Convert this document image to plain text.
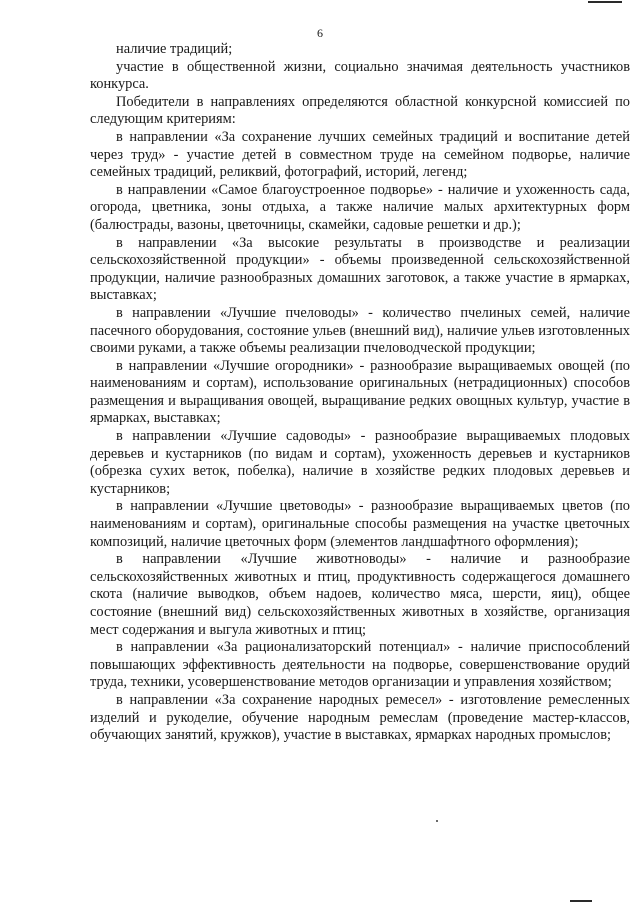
6

наличие традиций;

участие в общественной жизни, социально значимая деятельность участников конкурса.

Победители в направлениях определяются областной конкурсной комиссией по следующим критериям:

в направлении «За сохранение лучших семейных традиций и воспитание детей через труд» - участие детей в совместном труде на семейном подворье, наличие семейных традиций, реликвий, фотографий, историй, легенд;

в направлении «Самое благоустроенное подворье» - наличие и ухоженность сада, огорода, цветника, зоны отдыха, а также наличие малых архитектурных форм (балюстрады, вазоны, цветочницы, скамейки, садовые решетки и др.);

в направлении «За высокие результаты в производстве и реализации сельскохозяйственной продукции» - объемы произведенной сельскохозяйственной продукции, наличие разнообразных домашних заготовок, а также участие в ярмарках, выставках;

в направлении «Лучшие пчеловоды» - количество пчелиных семей, наличие пасечного оборудования, состояние ульев (внешний вид), наличие ульев изготовленных своими руками, а также объемы реализации пчеловодческой продукции;

в направлении «Лучшие огородники» - разнообразие выращиваемых овощей (по наименованиям и сортам), использование оригинальных (нетрадиционных) способов размещения и выращивания овощей, выращивание редких овощных культур, участие в ярмарках, выставках;

в направлении «Лучшие садоводы» - разнообразие выращиваемых плодовых деревьев и кустарников (по видам и сортам), ухоженность деревьев и кустарников (обрезка сухих веток, побелка), наличие в хозяйстве редких плодовых деревьев и кустарников;

в направлении «Лучшие цветоводы» - разнообразие выращиваемых цветов (по наименованиям и сортам), оригинальные способы размещения на участке цветочных композиций, наличие цветочных форм (элементов ландшафтного оформления);

в направлении «Лучшие животноводы» - наличие и разнообразие сельскохозяйственных животных и птиц, продуктивность содержащегося домашнего скота (наличие выводков, объем надоев, количество мяса, шерсти, яиц), общее состояние (внешний вид) сельскохозяйственных животных в хозяйстве, организация мест содержания и выгула животных и птиц;

в направлении «За рационализаторский потенциал» - наличие приспособлений повышающих эффективность деятельности на подворье, совершенствование орудий труда, техники, усовершенствование методов организации и управления хозяйством;

в направлении «За сохранение народных ремесел» - изготовление ремесленных изделий и рукоделие, обучение народным ремеслам (проведение мастер-классов, обучающих занятий, кружков), участие в выставках, ярмарках народных промыслов;
